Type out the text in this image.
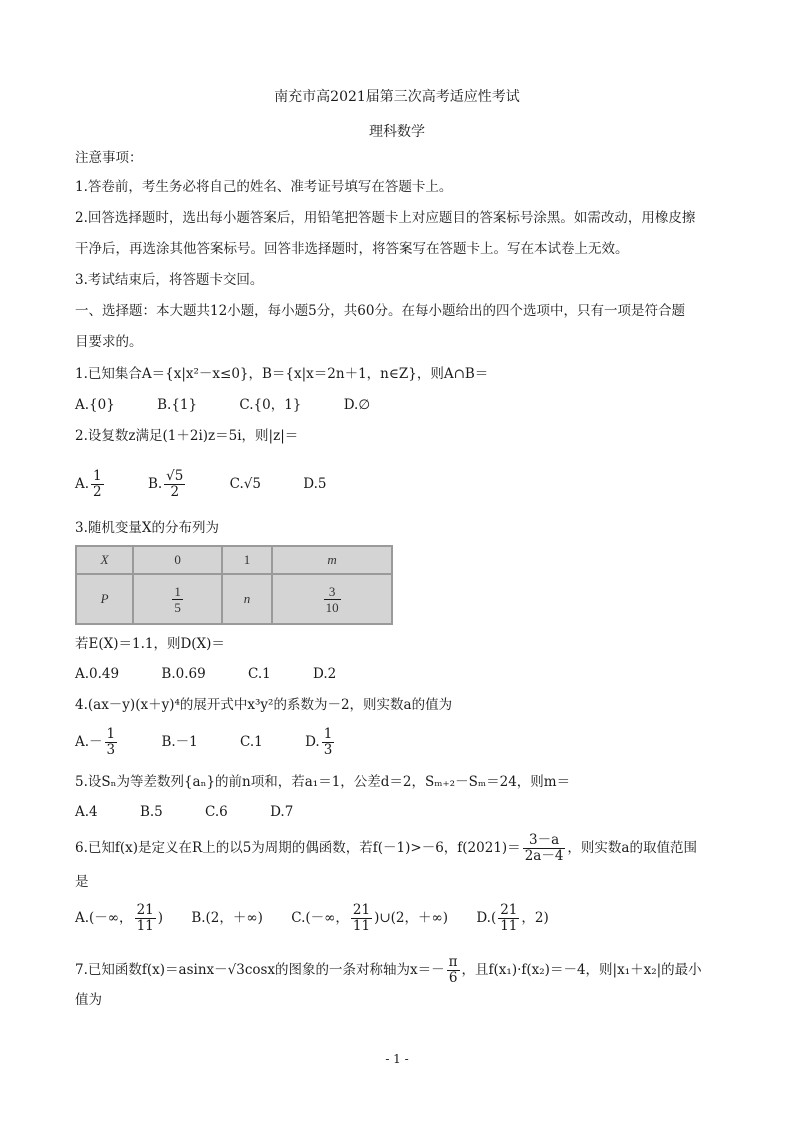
南充市高2021届第三次高考适应性考试
理科数学
注意事项：
1.答卷前，考生务必将自己的姓名、准考证号填写在答题卡上。
2.回答选择题时，选出每小题答案后，用铅笔把答题卡上对应题目的答案标号涂黑。如需改动，用橡皮擦
干净后，再选涂其他答案标号。回答非选择题时，将答案写在答题卡上。写在本试卷上无效。
3.考试结束后，将答题卡交回。
一、选择题：本大题共12小题，每小题5分，共60分。在每小题给出的四个选项中，只有一项是符合题
目要求的。
1.已知集合A＝{x|x²－x≤0}，B＝{x|x＝2n＋1，n∈Z}，则A∩B＝
A.{0}	B.{1}	C.{0，1}	D.∅
2.设复数z满足(1＋2i)z＝5i，则|z|＝
A. $\frac{1}{2}$	B. $\frac{√5}{2}$	C.√5	D.5
3.随机变量X的分布列为
X	0	1	m
P	$\frac{1}{5}$	n	$\frac{3}{10}$
若E(X)＝1.1，则D(X)＝
A.0.49	B.0.69	C.1	D.2
4.(ax－y)(x＋y)⁴的展开式中x³y²的系数为－2，则实数a的值为
$A.- \frac{1}{3}$	B.－1	C.1	D. $\frac{1}{3}$
5.设Sₙ为等差数列{aₙ}的前n项和，若a₁＝1，公差d＝2，Sₘ₊₂－Sₘ＝24，则m＝
A.4	B.5	C.6	D.7
6.已知f(x)是定义在R上的以5为周期的偶函数，若f(－1)>－6，$f(2021)= \frac{3-a}{2a-4}$ ，则实数a的取值范围
是
A.(－∞， $\frac{21}{11}$ ) B.(2，＋∞) C.(－∞， $\frac{21}{11}$ )∪(2，＋∞) $D.( \frac{21}{11}$ ，2)
7.已知函数f(x)＝asinx－√3cosx的图象的一条对称轴为$x=- \frac{\pi}{6}$ ，且f(x₁)·f(x₂)＝－4，则|x₁＋x₂|的最小
值为
- 1 -
